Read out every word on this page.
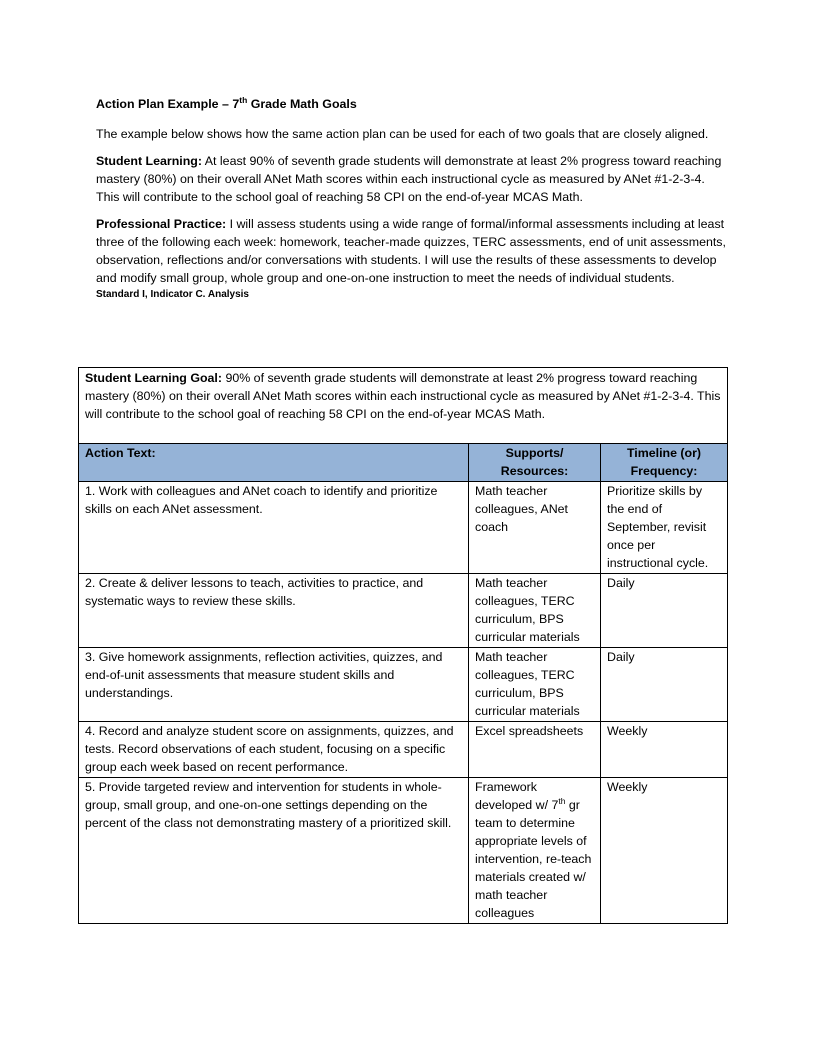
Action Plan Example – 7th Grade Math Goals

The example below shows how the same action plan can be used for each of two goals that are closely aligned.

Student Learning: At least 90% of seventh grade students will demonstrate at least 2% progress toward reaching mastery (80%) on their overall ANet Math scores within each instructional cycle as measured by ANet #1-2-3-4. This will contribute to the school goal of reaching 58 CPI on the end-of-year MCAS Math.

Professional Practice: I will assess students using a wide range of formal/informal assessments including at least three of the following each week: homework, teacher-made quizzes, TERC assessments, end of unit assessments, observation, reflections and/or conversations with students. I will use the results of these assessments to develop and modify small group, whole group and one-on-one instruction to meet the needs of individual students.

Standard I, Indicator C. Analysis
Student Learning Goal: 90% of seventh grade students will demonstrate at least 2% progress toward reaching mastery (80%) on their overall ANet Math scores within each instructional cycle as measured by ANet #1-2-3-4. This will contribute to the school goal of reaching 58 CPI on the end-of-year MCAS Math.		
Action Text:	Supports/ Resources:	Timeline (or) Frequency:
1. Work with colleagues and ANet coach to identify and prioritize skills on each ANet assessment.	Math teacher colleagues, ANet coach	Prioritize skills by the end of September, revisit once per instructional cycle.
2. Create & deliver lessons to teach, activities to practice, and systematic ways to review these skills.	Math teacher colleagues, TERC curriculum, BPS curricular materials	Daily
3. Give homework assignments, reflection activities, quizzes, and end-of-unit assessments that measure student skills and understandings.	Math teacher colleagues, TERC curriculum, BPS curricular materials	Daily
4. Record and analyze student score on assignments, quizzes, and tests. Record observations of each student, focusing on a specific group each week based on recent performance.	Excel spreadsheets	Weekly
5. Provide targeted review and intervention for students in whole-group, small group, and one-on-one settings depending on the percent of the class not demonstrating mastery of a prioritized skill.	Framework developed w/ 7th gr team to determine appropriate levels of intervention, re-teach materials created w/ math teacher colleagues	Weekly
